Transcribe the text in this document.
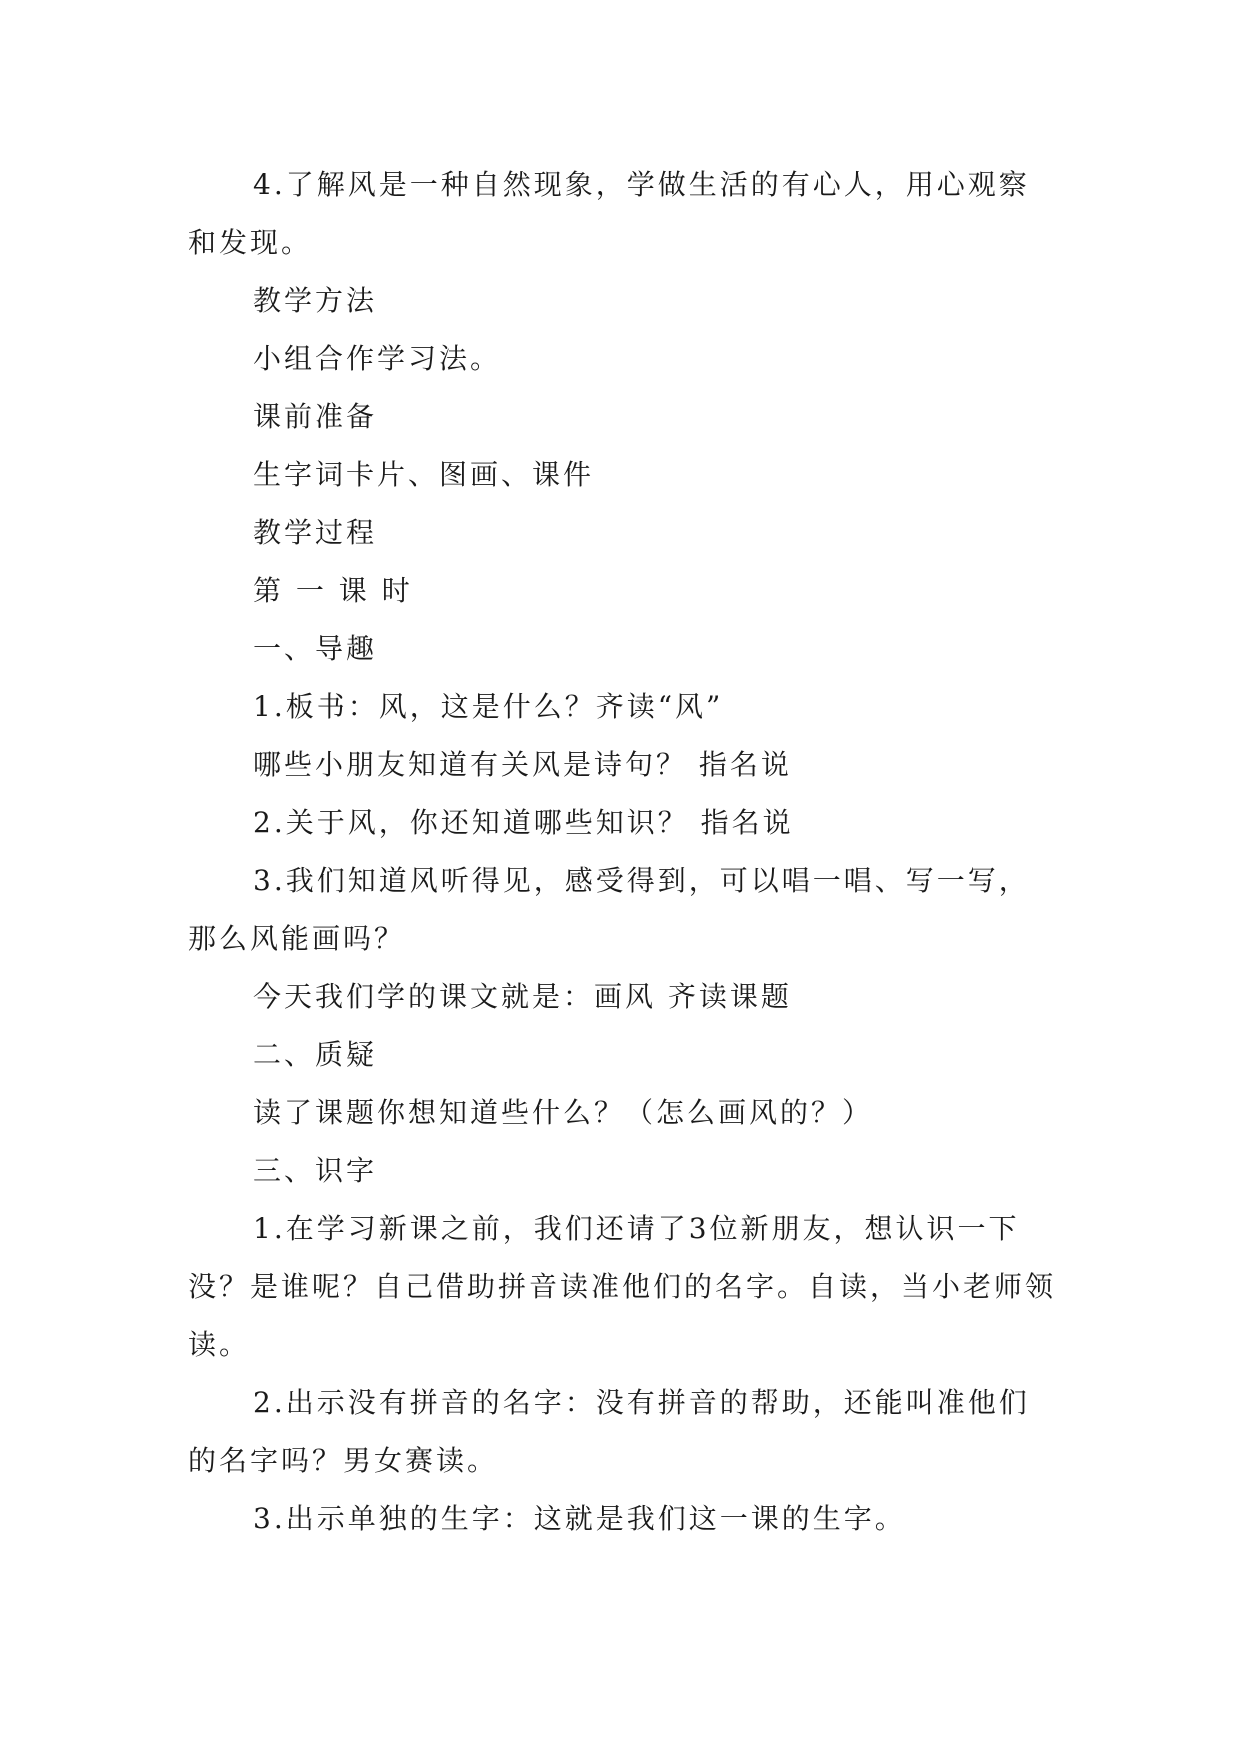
4.了解风是一种自然现象，学做生活的有心人，用心观察和发现。

教学方法

小组合作学习法。

课前准备

生字词卡片、图画、课件

教学过程

第 一 课 时

一、导趣

1.板书：风，这是什么？齐读“风”

哪些小朋友知道有关风是诗句？ 指名说

2.关于风，你还知道哪些知识？ 指名说

3.我们知道风听得见，感受得到，可以唱一唱、写一写，那么风能画吗？

今天我们学的课文就是：画风 齐读课题

二、质疑

读了课题你想知道些什么？（怎么画风的？）

三、识字

1.在学习新课之前，我们还请了3位新朋友，想认识一下没？是谁呢？自己借助拼音读准他们的名字。自读，当小老师领读。

2.出示没有拼音的名字：没有拼音的帮助，还能叫准他们的名字吗？男女赛读。

3.出示单独的生字：这就是我们这一课的生字。
